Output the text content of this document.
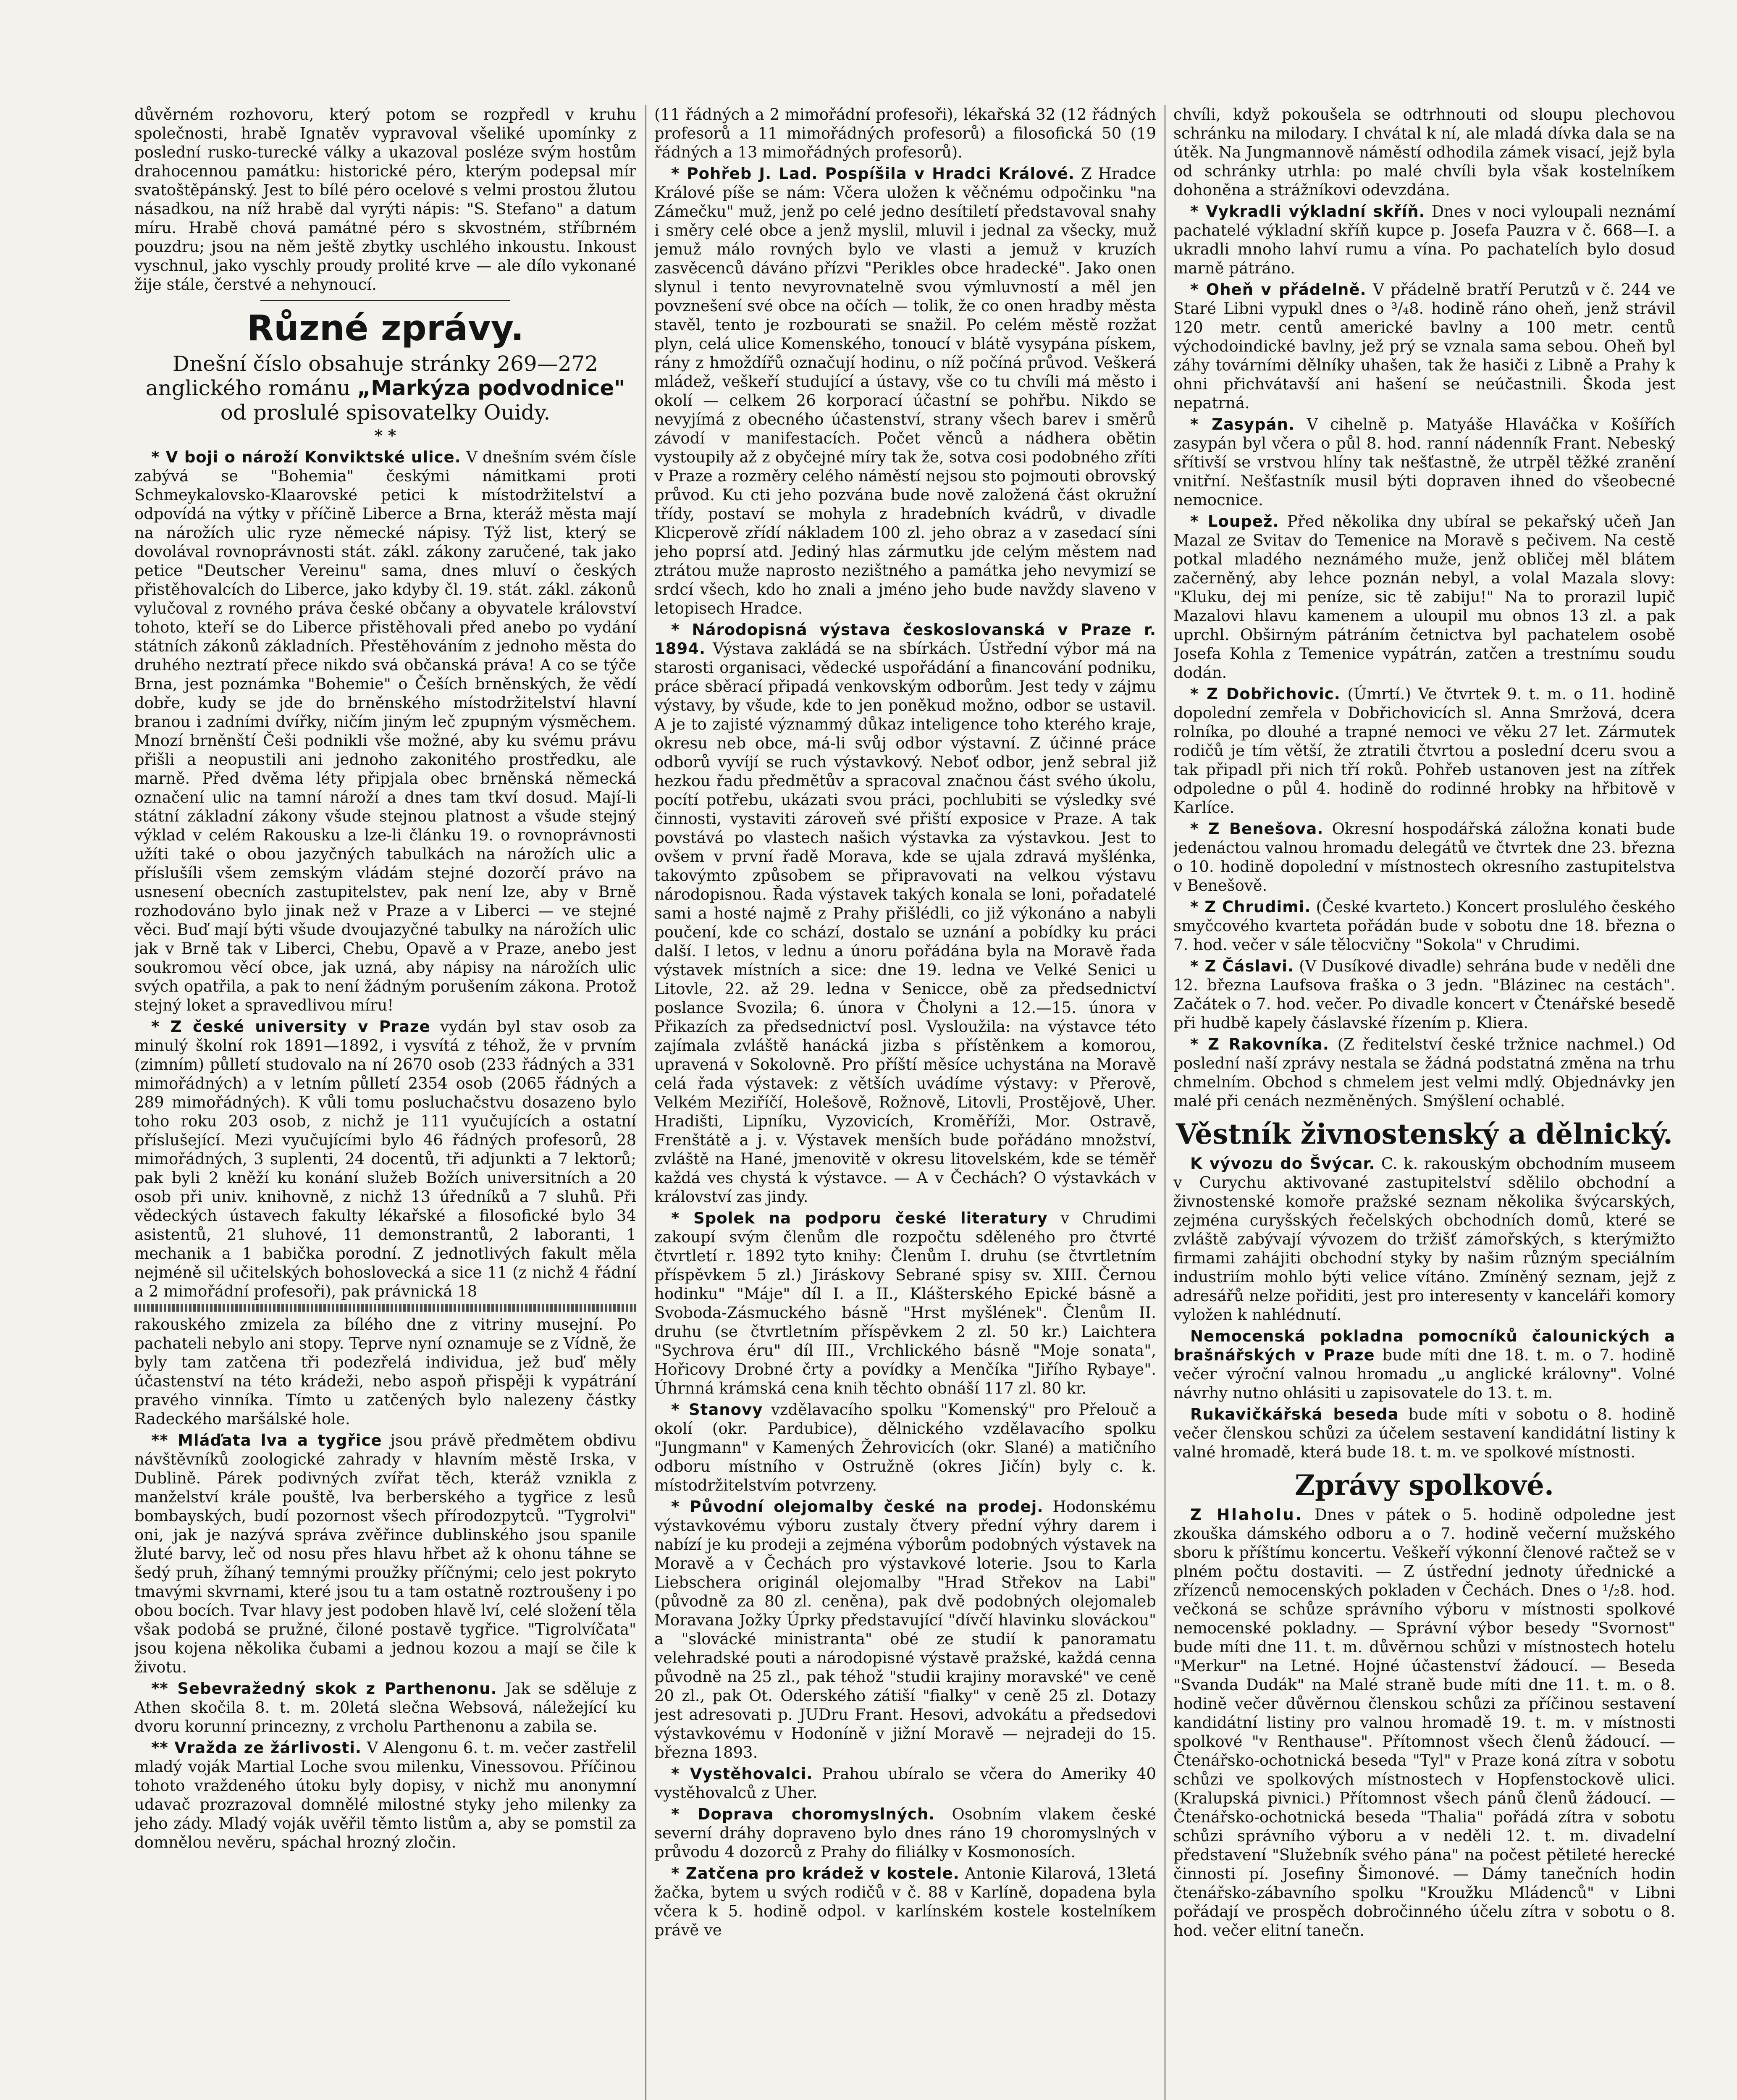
důvěrném rozhovoru, který potom se rozpředl v kruhu společnosti, hrabě Ignatěv vypravoval všeliké upomínky z poslední rusko-turecké války a ukazoval posléze svým hostům drahocennou památku: historické péro, kterým podepsal mír svatoštěpánský. Jest to bílé péro ocelové s velmi prostou žlutou násadkou, na níž hrabě dal vyrýti nápis: "S. Stefano" a datum míru. Hrabě chová památné péro s skvostném, stříbrném pouzdru; jsou na něm ještě zbytky uschlého inkoustu. Inkoust vyschnul, jako vyschly proudy prolité krve — ale dílo vykonané žije stále, čerstvé a nehynoucí.

Různé zprávy.

Dnešní číslo obsahuje stránky 269—272 anglického románu „Markýza podvodnice" od proslulé spisovatelky Ouidy.

* *

* V boji o nároží Konviktské ulice. V dnešním svém čísle zabývá se "Bohemia" českými námitkami proti Schmeykalovsko-Klaarovské petici k místodržitelství a odpovídá na výtky v příčině Liberce a Brna, kteráž města mají na nárožích ulic ryze německé nápisy. Týž list, který se dovolával rovnoprávnosti stát. zákl. zákony zaručené, tak jako petice "Deutscher Vereinu" sama, dnes mluví o českých přistěhovalcích do Liberce, jako kdyby čl. 19. stát. zákl. zákonů vylučoval z rovného práva české občany a obyvatele království tohoto, kteří se do Liberce přistěhovali před anebo po vydání státních zákonů základních. Přestěhováním z jednoho města do druhého neztratí přece nikdo svá občanská práva! A co se týče Brna, jest poznámka "Bohemie" o Češích brněnských, že vědí dobře, kudy se jde do brněnského místodržitelství hlavní branou i zadními dvířky, ničím jiným leč zpupným výsměchem. Mnozí brněnští Češi podnikli vše možné, aby ku svému právu přišli a neopustili ani jednoho zakonitého prostředku, ale marně. Před dvěma léty připjala obec brněnská německá označení ulic na tamní nároží a dnes tam tkví dosud. Mají-li státní základní zákony všude stejnou platnost a všude stejný výklad v celém Rakousku a lze-li článku 19. o rovnoprávnosti užíti také o obou jazyčných tabulkách na nárožích ulic a příslušíli všem zemským vládám stejné dozorčí právo na usnesení obecních zastupitelstev, pak není lze, aby v Brně rozhodováno bylo jinak než v Praze a v Liberci — ve stejné věci. Buď mají býti všude dvoujazyčné tabulky na nárožích ulic jak v Brně tak v Liberci, Chebu, Opavě a v Praze, anebo jest soukromou věcí obce, jak uzná, aby nápisy na nárožích ulic svých opatřila, a pak to není žádným porušením zákona. Protož stejný loket a spravedlivou míru!

* Z české university v Praze vydán byl stav osob za minulý školní rok 1891—1892, i vysvítá z téhož, že v prvním (zimním) půlletí studovalo na ní 2670 osob (233 řádných a 331 mimořádných) a v letním půlletí 2354 osob (2065 řádných a 289 mimořádných). K vůli tomu posluchačstvu dosazeno bylo toho roku 203 osob, z nichž je 111 vyučujících a ostatní příslušející. Mezi vyučujícími bylo 46 řádných profesorů, 28 mimořádných, 3 suplenti, 24 docentů, tři adjunkti a 7 lektorů; pak byli 2 kněží ku konání služeb Božích universitních a 20 osob při univ. knihovně, z nichž 13 úředníků a 7 sluhů. Při vědeckých ústavech fakulty lékařské a filosofické bylo 34 asistentů, 21 sluhové, 11 demonstrantů, 2 laboranti, 1 mechanik a 1 babička porodní. Z jednotlivých fakult měla nejméně sil učitelských bohoslovecká a sice 11 (z nichž 4 řádní a 2 mimořádní profesoři), pak právnická 18

rakouského zmizela za bílého dne z vitriny musejní. Po pachateli nebylo ani stopy. Teprve nyní oznamuje se z Vídně, že byly tam zatčena tři podezřelá individua, jež buď měly účastenství na této krádeži, nebo aspoň přispěji k vypátrání pravého vinníka. Tímto u zatčených bylo nalezeny částky Radeckého maršálské hole.

** Mláďata lva a tygřice jsou právě předmětem obdivu návštěvníků zoologické zahrady v hlavním městě Irska, v Dublině. Párek podivných zvířat těch, kteráž vznikla z manželství krále pouště, lva berberského a tygřice z lesů bombayských, budí pozornost všech přírodozpytců. "Tygrolvi" oni, jak je nazývá správa zvěřince dublinského jsou spanile žluté barvy, leč od nosu přes hlavu hřbet až k ohonu táhne se šedý pruh, žíhaný temnými proužky příčnými; celo jest pokryto tmavými skvrnami, které jsou tu a tam ostatně roztroušeny i po obou bocích. Tvar hlavy jest podoben hlavě lví, celé složení těla však podobá se pružné, čiloné postavě tygřice. "Tigrolvíčata" jsou kojena několika čubami a jednou kozou a mají se čile k životu.

** Sebevražedný skok z Parthenonu. Jak se sděluje z Athen skočila 8. t. m. 20letá slečna Websová, náležející ku dvoru korunní princezny, z vrcholu Parthenonu a zabila se.

** Vražda ze žárlivosti. V Alengonu 6. t. m. večer zastřelil mladý voják Martial Loche svou milenku, Vinessovou. Příčinou tohoto vraždeného útoku byly dopisy, v nichž mu anonymní udavač prozrazoval domnělé milostné styky jeho milenky za jeho zády. Mladý voják uvěřil těmto listům a, aby se pomstil za domnělou nevěru, spáchal hrozný zločin.

(11 řádných a 2 mimořádní profesoři), lékařská 32 (12 řádných profesorů a 11 mimořádných profesorů) a filosofická 50 (19 řádných a 13 mimořádných profesorů).

* Pohřeb J. Lad. Pospíšila v Hradci Králové. Z Hradce Králové píše se nám: Včera uložen k věčnému odpočinku "na Zámečku" muž, jenž po celé jedno desítiletí představoval snahy i směry celé obce a jenž myslil, mluvil i jednal za všecky, muž jemuž málo rovných bylo ve vlasti a jemuž v kruzích zasvěcenců dáváno přízvi "Perikles obce hradecké". Jako onen slynul i tento nevyrovnatelně svou výmluvností a měl jen povznešení své obce na očích — tolik, že co onen hradby města stavěl, tento je rozbourati se snažil. Po celém městě rozžat plyn, celá ulice Komenského, tonoucí v blátě vysypána pískem, rány z hmoždířů označují hodinu, o níž počíná průvod. Veškerá mládež, veškeří studující a ústavy, vše co tu chvíli má město i okolí — celkem 26 korporací účastní se pohřbu. Nikdo se nevyjímá z obecného účastenství, strany všech barev i směrů závodí v manifestacích. Počet věnců a nádhera obětin vystoupily až z obyčejné míry tak že, sotva cosi podobného zříti v Praze a rozměry celého náměstí nejsou sto pojmouti obrovský průvod. Ku cti jeho pozvána bude nově založená část okružní třídy, postaví se mohyla z hradebních kvádrů, v divadle Klicperově zřídí nákladem 100 zl. jeho obraz a v zasedací síni jeho poprsí atd. Jediný hlas zármutku jde celým městem nad ztrátou muže naprosto nezištného a památka jeho nevymizí se srdcí všech, kdo ho znali a jméno jeho bude navždy slaveno v letopisech Hradce.

* Národopisná výstava českoslovanská v Praze r. 1894. Výstava zakládá se na sbírkách. Ústřední výbor má na starosti organisaci, vědecké uspořádání a financování podniku, práce sběrací připadá venkovským odborům. Jest tedy v zájmu výstavy, by všude, kde to jen poněkud možno, odbor se ustavil. A je to zajisté význammý důkaz inteligence toho kterého kraje, okresu neb obce, má-li svůj odbor výstavní. Z účinné práce odborů vyvíjí se ruch výstavkový. Neboť odbor, jenž sebral již hezkou řadu předmětův a spracoval značnou část svého úkolu, pocítí potřebu, ukázati svou práci, pochlubiti se výsledky své činnosti, vystaviti zároveň své přiští exposice v Praze. A tak povstává po vlastech našich výstavka za výstavkou. Jest to ovšem v první řadě Morava, kde se ujala zdravá myšlénka, takovýmto způsobem se připravovati na velkou výstavu národopisnou. Řada výstavek takých konala se loni, pořadatelé sami a hosté najmě z Prahy přišlédli, co již výkonáno a nabyli poučení, kde co schází, dostalo se uznání a pobídky ku práci další. I letos, v lednu a únoru pořádána byla na Moravě řada výstavek místních a sice: dne 19. ledna ve Velké Senici u Litovle, 22. až 29. ledna v Senicce, obě za předsednictví poslance Svozila; 6. února v Čholyni a 12.—15. února v Přikazích za předsednictví posl. Vysloužila: na výstavce této zajímala zvláště hanácká jizba s přístěnkem a komorou, upravená v Sokolovně. Pro příští měsíce uchystána na Moravě celá řada výstavek: z větších uvádíme výstavy: v Přerově, Velkém Meziříčí, Holešově, Rožnově, Litovli, Prostějově, Uher. Hradišti, Lipníku, Vyzovicích, Kroměříži, Mor. Ostravě, Frenštátě a j. v. Výstavek menších bude pořádáno množství, zvláště na Hané, jmenovitě v okresu litovelském, kde se téměř každá ves chystá k výstavce. — A v Čechách? O výstavkách v království zas jindy.

* Spolek na podporu české literatury v Chrudimi zakoupí svým členům dle rozpočtu sděleného pro čtvrté čtvrtletí r. 1892 tyto knihy: Členům I. druhu (se čtvrtletním příspěvkem 5 zl.) Jiráskovy Sebrané spisy sv. XIII. Černou hodinku" "Máje" díl I. a II., Klášterského Epické básně a Svoboda-Zásmuckého básně "Hrst myšlének". Členům II. druhu (se čtvrtletním příspěvkem 2 zl. 50 kr.) Laichtera "Sychrova éru" díl III., Vrchlického básně "Moje sonata", Hořicovy Drobné črty a povídky a Menčíka "Jiřího Rybaye". Úhrnná krámská cena knih těchto obnáší 117 zl. 80 kr.

* Stanovy vzdělavacího spolku "Komenský" pro Přelouč a okolí (okr. Pardubice), dělnického vzdělavacího spolku "Jungmann" v Kamených Žehrovicích (okr. Slané) a matičního odboru místního v Ostružně (okres Jičín) byly c. k. místodržitelstvím potvrzeny.

* Původní olejomalby české na prodej. Hodonskému výstavkovému výboru zustaly čtvery přední výhry darem i nabízí je ku prodeji a zejména výborům podobných výstavek na Moravě a v Čechách pro výstavkové loterie. Jsou to Karla Liebschera originál olejomalby "Hrad Střekov na Labi" (původně za 80 zl. ceněna), pak dvě podobných olejomaleb Moravana Jožky Úprky představující "dívčí hlavinku slováckou" a "slovácké ministranta" obé ze studií k panoramatu velehradské pouti a národopisné výstavě pražské, každá cenna původně na 25 zl., pak téhož "studii krajiny moravské" ve ceně 20 zl., pak Ot. Oderského zátiší "fialky" v ceně 25 zl. Dotazy jest adresovati p. JUDru Frant. Hesovi, advokátu a předsedovi výstavkovému v Hodoníně v jižní Moravě — nejradeji do 15. března 1893.

* Vystěhovalci. Prahou ubíralo se včera do Ameriky 40 vystěhovalců z Uher.

* Doprava choromyslných. Osobním vlakem české severní dráhy dopraveno bylo dnes ráno 19 choromyslných v průvodu 4 dozorců z Prahy do filiálky v Kosmonosích.

* Zatčena pro krádež v kostele. Antonie Kilarová, 13letá žačka, bytem u svých rodičů v č. 88 v Karlíně, dopadena byla včera k 5. hodině odpol. v karlínském kostele kostelníkem právě ve

chvíli, když pokoušela se odtrhnouti od sloupu plechovou schránku na milodary. I chvátal k ní, ale mladá dívka dala se na útěk. Na Jungmannově náměstí odhodila zámek visací, jejž byla od schránky utrhla: po malé chvíli byla však kostelníkem dohoněna a strážníkovi odevzdána.

* Vykradli výkladní skříň. Dnes v noci vyloupali neznámí pachatelé výkladní skříň kupce p. Josefa Pauzra v č. 668—I. a ukradli mnoho lahví rumu a vína. Po pachatelích bylo dosud marně pátráno.

* Oheň v přádelně. V přádelně bratří Perutzů v č. 244 ve Staré Libni vypukl dnes o ³/₄8. hodině ráno oheň, jenž strávil 120 metr. centů americké bavlny a 100 metr. centů východoindické bavlny, jež prý se vznala sama sebou. Oheň byl záhy továrními dělníky uhašen, tak že hasiči z Libně a Prahy k ohni přichvátavší ani hašení se neúčastnili. Škoda jest nepatrná.

* Zasypán. V cihelně p. Matyáše Hlaváčka v Košířích zasypán byl včera o půl 8. hod. ranní nádenník Frant. Nebeský sřítivší se vrstvou hlíny tak nešťastně, že utrpěl těžké zranění vnitřní. Nešťastník musil býti dopraven ihned do všeobecné nemocnice.

* Loupež. Před několika dny ubíral se pekařský učeň Jan Mazal ze Svitav do Temenice na Moravě s pečivem. Na cestě potkal mladého neznámého muže, jenž obličej měl blátem začerněný, aby lehce poznán nebyl, a volal Mazala slovy: "Kluku, dej mi peníze, sic tě zabiju!" Na to prorazil lupič Mazalovi hlavu kamenem a uloupil mu obnos 13 zl. a pak uprchl. Obširným pátráním četnictva byl pachatelem osobě Josefa Kohla z Temenice vypátrán, zatčen a trestnímu soudu dodán.

* Z Dobřichovic. (Úmrtí.) Ve čtvrtek 9. t. m. o 11. hodině dopolední zemřela v Dobřichovicích sl. Anna Smržová, dcera rolníka, po dlouhé a trapné nemoci ve věku 27 let. Zármutek rodičů je tím větší, že ztratili čtvrtou a poslední dceru svou a tak připadl při nich tří roků. Pohřeb ustanoven jest na zítřek odpoledne o půl 4. hodině do rodinné hrobky na hřbitově v Karlíce.

* Z Benešova. Okresní hospodářská záložna konati bude jedenáctou valnou hromadu delegátů ve čtvrtek dne 23. března o 10. hodině dopolední v místnostech okresního zastupitelstva v Benešově.

* Z Chrudimi. (České kvarteto.) Koncert proslulého českého smyčcového kvarteta pořádán bude v sobotu dne 18. března o 7. hod. večer v sále tělocvičny "Sokola" v Chrudimi.

* Z Čáslavi. (V Dusíkové divadle) sehrána bude v neděli dne 12. března Laufsova fraška o 3 jedn. "Blázinec na cestách". Začátek o 7. hod. večer. Po divadle koncert v Čtenářské besedě při hudbě kapely čáslavské řízením p. Kliera.

* Z Rakovníka. (Z ředitelství české tržnice nachmel.) Od poslední naší zprávy nestala se žádná podstatná změna na trhu chmelním. Obchod s chmelem jest velmi mdlý. Objednávky jen malé při cenách nezměněných. Smýšlení ochablé.

Věstník živnostenský a dělnický.

K vývozu do Švýcar. C. k. rakouským obchodním museem v Curychu aktivované zastupitelství sdělilo obchodní a živnostenské komoře pražské seznam několika švýcarských, zejména curyšských řečelských obchodních domů, které se zvláště zabývají vývozem do tržišť zámořských, s kterýmižto firmami zahájiti obchodní styky by našim různým speciálním industriím mohlo býti velice vítáno. Zmíněný seznam, jejž z adresářů nelze pořiditi, jest pro interesenty v kanceláři komory vyložen k nahlédnutí.

Nemocenská pokladna pomocníků čalounických a brašnářských v Praze bude míti dne 18. t. m. o 7. hodině večer výroční valnou hromadu „u anglické královny". Volné návrhy nutno ohlásiti u zapisovatele do 13. t. m.

Rukavičkářská beseda bude míti v sobotu o 8. hodině večer členskou schůzi za účelem sestavení kandidátní listiny k valné hromadě, která bude 18. t. m. ve spolkové místnosti.

Zprávy spolkové.

Z Hlaholu. Dnes v pátek o 5. hodině odpoledne jest zkouška dámského odboru a o 7. hodině večerní mužského sboru k příštímu koncertu. Veškeří výkonní členové račtež se v plném počtu dostaviti. — Z ústřední jednoty úřednické a zřízenců nemocenských pokladen v Čechách. Dnes o ¹/₂8. hod. večkoná se schůze správního výboru v místnosti spolkové nemocenské pokladny. — Správní výbor besedy "Svornost" bude míti dne 11. t. m. důvěrnou schůzi v místnostech hotelu "Merkur" na Letné. Hojné účastenství žádoucí. — Beseda "Svanda Dudák" na Malé straně bude míti dne 11. t. m. o 8. hodině večer důvěrnou členskou schůzi za příčinou sestavení kandidátní listiny pro valnou hromadě 19. t. m. v místnosti spolkové "v Renthause". Přítomnost všech členů žádoucí. — Čtenářsko-ochotnická beseda "Tyl" v Praze koná zítra v sobotu schůzi ve spolkových místnostech v Hopfenstockově ulici. (Kralupská pivnici.) Přítomnost všech pánů členů žádoucí. — Čtenářsko-ochotnická beseda "Thalia" pořádá zítra v sobotu schůzi správního výboru a v neděli 12. t. m. divadelní představení "Služebník svého pána" na počest pětileté herecké činnosti pí. Josefiny Šimonové. — Dámy tanečních hodin čtenářsko-zábavního spolku "Kroužku Mládenců" v Libni pořádají ve prospěch dobročinného účelu zítra v sobotu o 8. hod. večer elitní tanečn.
